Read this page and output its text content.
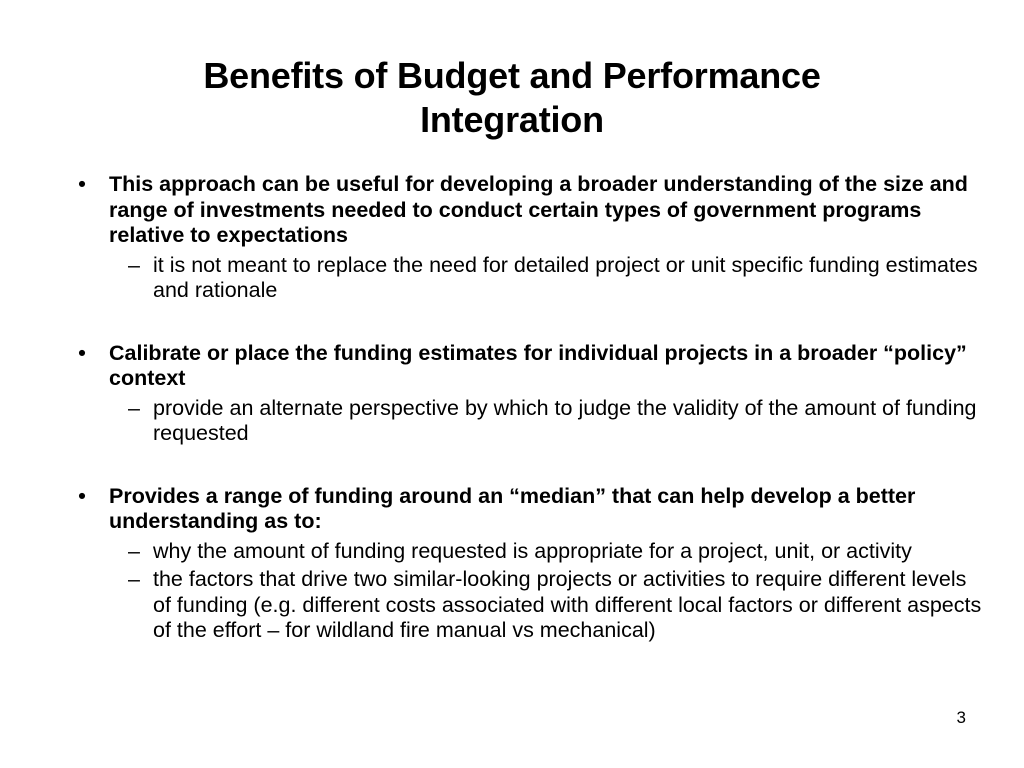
Benefits of Budget and Performance
Integration
• This approach can be useful for developing a broader understanding of the size and range of investments needed to conduct certain types of government programs relative to expectations
– it is not meant to replace the need for detailed project or unit specific funding estimates and rationale
• Calibrate or place the funding estimates for individual projects in a broader “policy” context
– provide an alternate perspective by which to judge the validity of the amount of funding requested
• Provides a range of funding around an “median” that can help develop a better understanding as to:
– why the amount of funding requested is appropriate for a project, unit, or activity
– the factors that drive two similar-looking projects or activities to require different levels of funding (e.g. different costs associated with different local factors or different aspects of the effort – for wildland fire manual vs mechanical)
3
